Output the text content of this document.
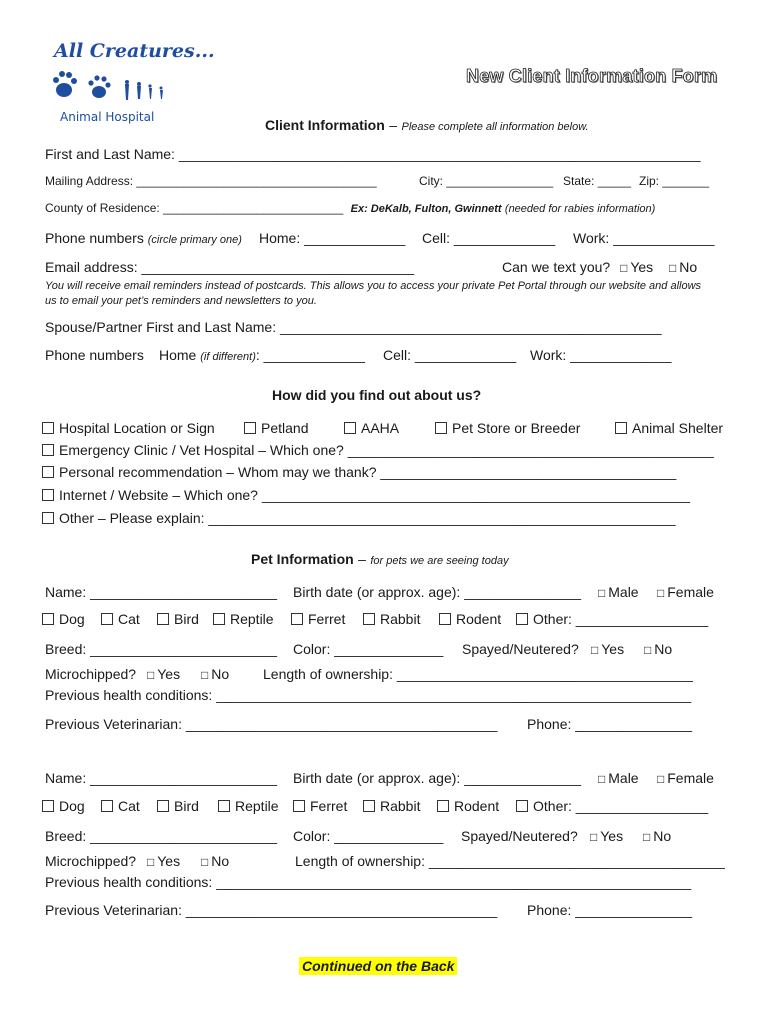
All Creatures...
Animal Hospital
New Client Information Form
Client Information – Please complete all information below.
First and Last Name: ___________________________________________________________________
Mailing Address: ____________________________________	City: ________________ State: _____ Zip: _______
County of Residence: ___________________________ Ex: DeKalb, Fulton, Gwinnett (needed for rabies information)
Phone numbers (circle primary one) Home: _____________ Cell: _____________ Work: _____________
Email address: ___________________________________	Can we text you? □ Yes □ No
You will receive email reminders instead of postcards. This allows you to access your private Pet Portal through our website and allows
us to email your pet’s reminders and newsletters to you.
Spouse/Partner First and Last Name: _________________________________________________
Phone numbers Home (if different): _____________ Cell: _____________ Work: _____________
How did you find out about us?
Hospital Location or Sign	Petland	AAHA	Pet Store or Breeder	Animal Shelter
Emergency Clinic / Vet Hospital – Which one? _______________________________________________
Personal recommendation – Whom may we thank? ______________________________________
Internet / Website – Which one? _______________________________________________________
Other – Please explain: ____________________________________________________________
Pet Information – for pets we are seeing today
Name: ________________________ Birth date (or approx. age): _______________ □ Male □ Female
Dog	Cat	Bird	Reptile	Ferret	Rabbit	Rodent	Other: _________________
Breed: ________________________ Color: ______________ Spayed/Neutered? □ Yes □ No
Microchipped? □ Yes □ No Length of ownership: ______________________________________
Previous health conditions: _____________________________________________________________
Previous Veterinarian: ________________________________________ Phone: _______________
Name: ________________________ Birth date (or approx. age): _______________ □ Male □ Female
Dog	Cat	Bird	Reptile	Ferret	Rabbit	Rodent	Other: _________________
Breed: ________________________ Color: ______________ Spayed/Neutered? □ Yes □ No
Microchipped? □ Yes □ No	Length of ownership: ______________________________________
Previous health conditions: _____________________________________________________________
Previous Veterinarian: ________________________________________ Phone: _______________
Continued on the Back
